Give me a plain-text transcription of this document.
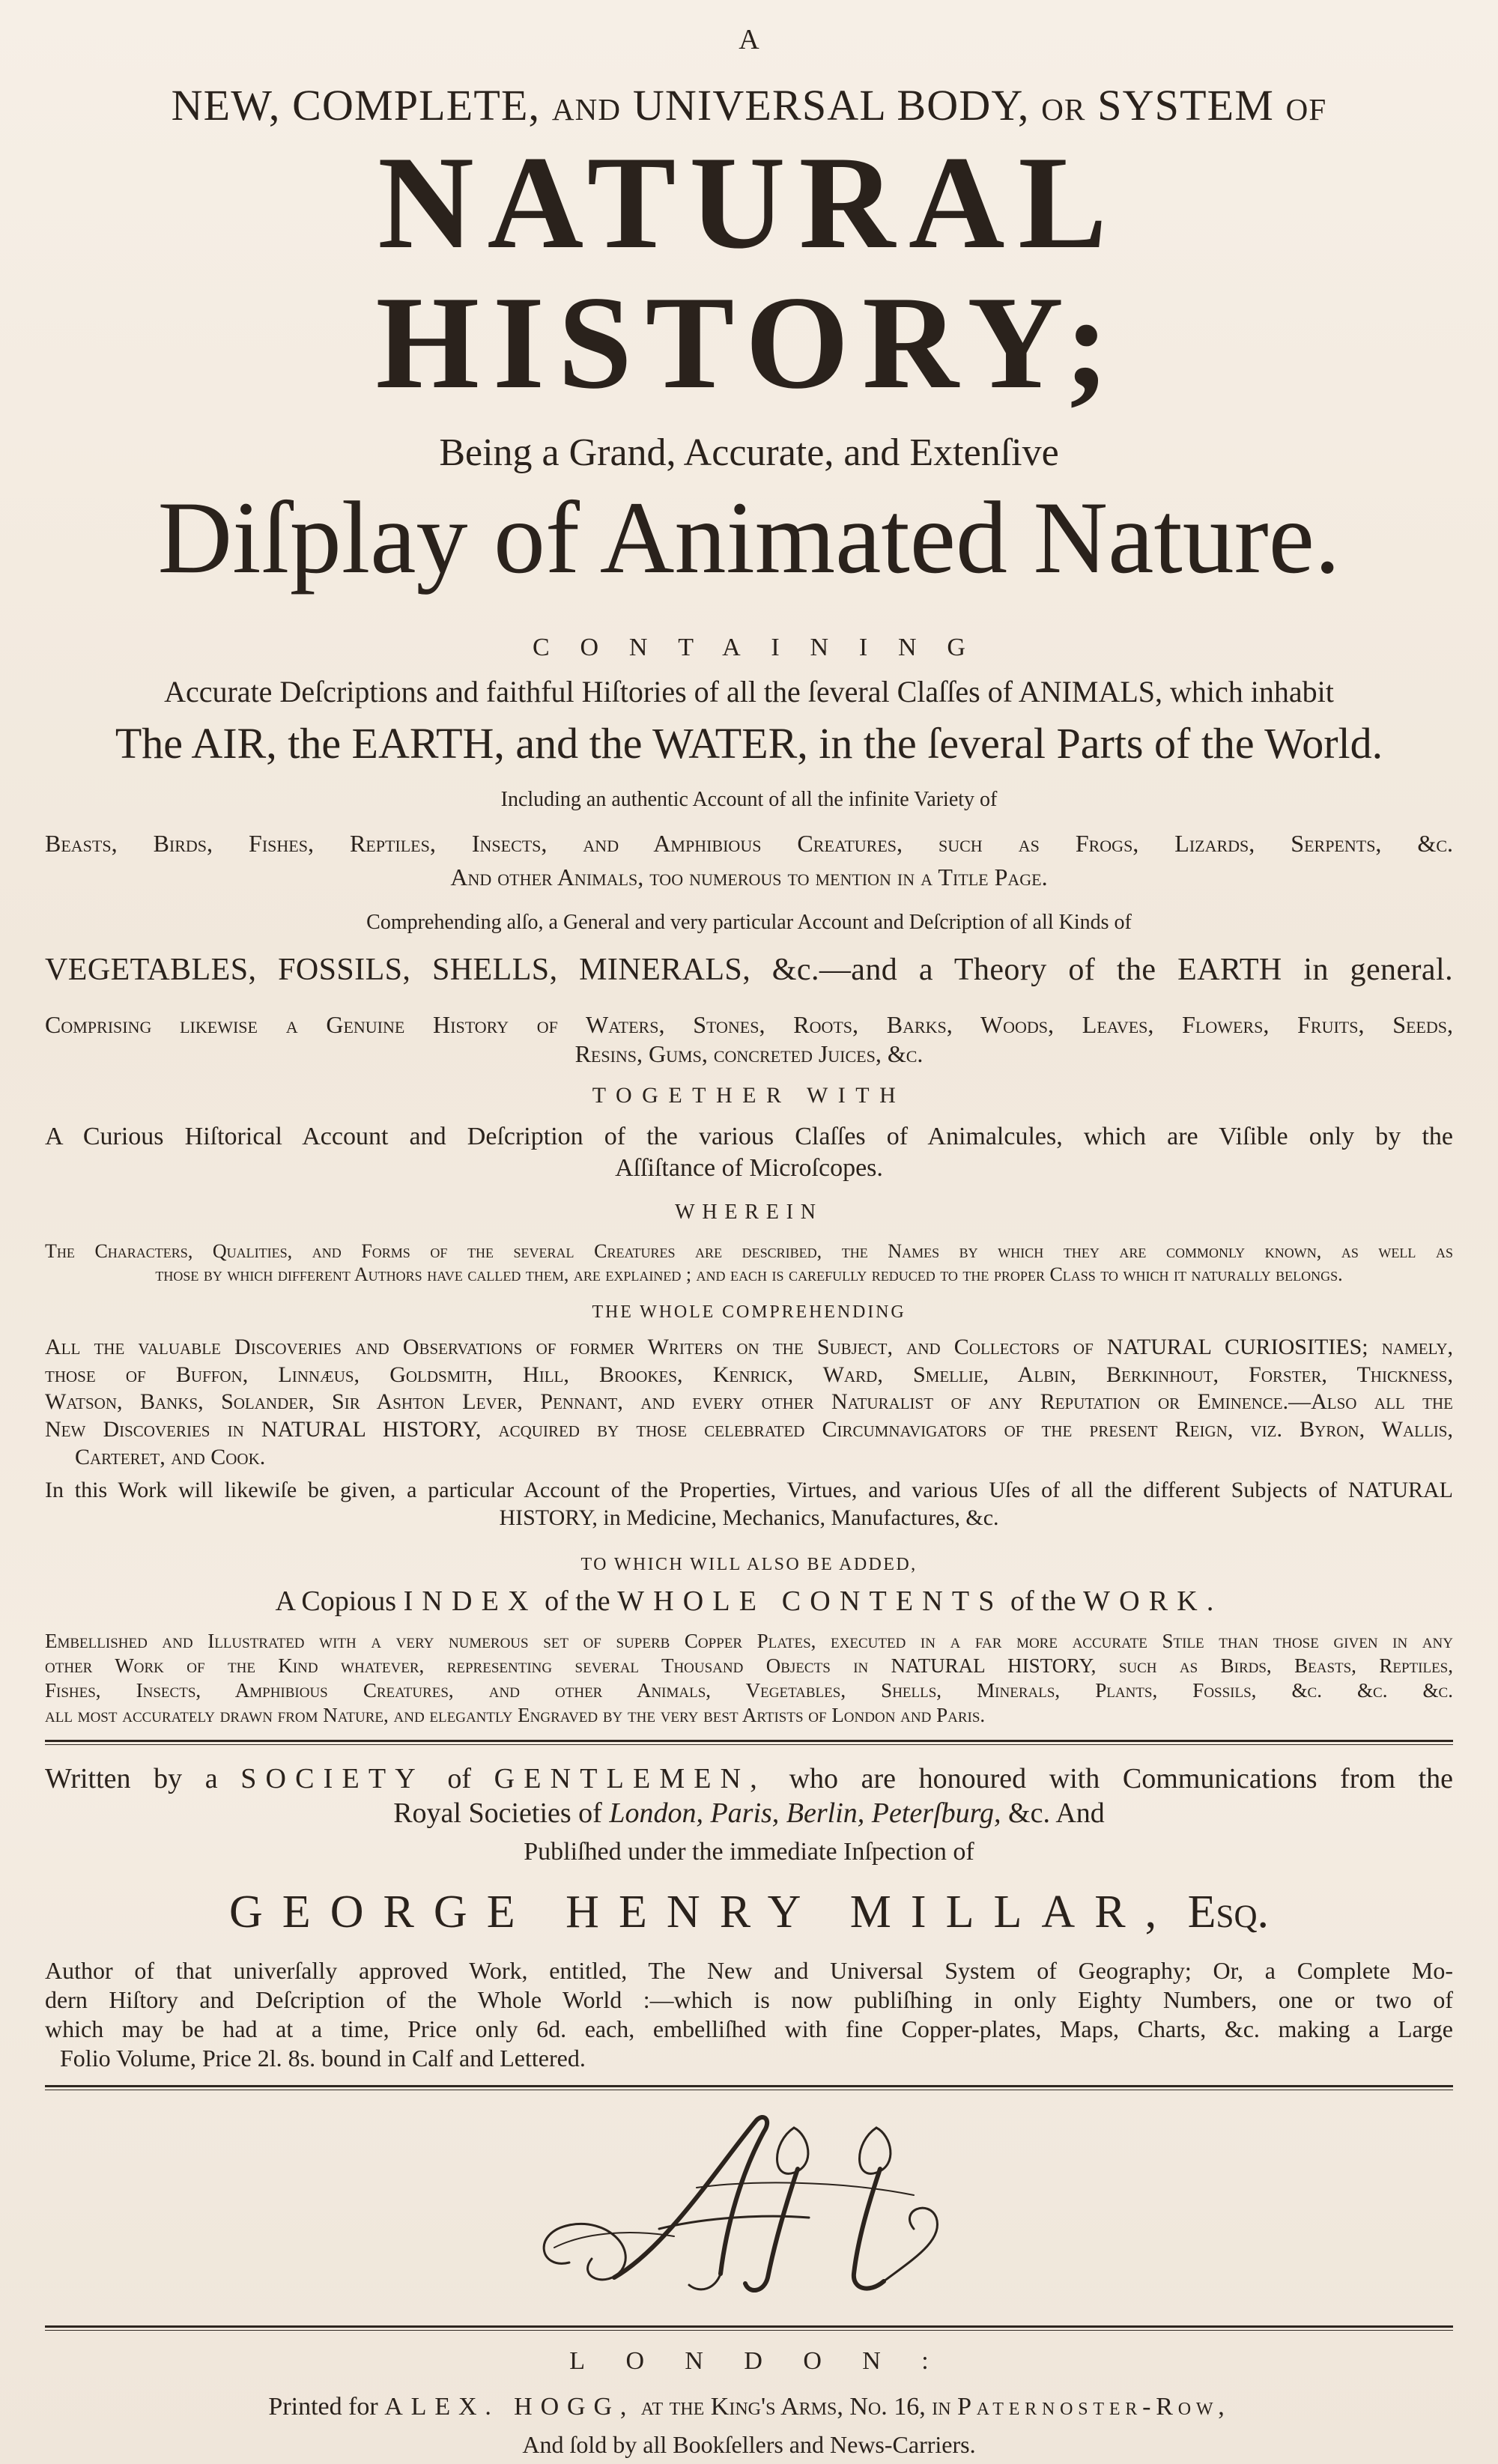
A

NEW, COMPLETE, and UNIVERSAL BODY, or SYSTEM of

NATURAL HISTORY;

Being a Grand, Accurate, and Extenſive

Diſplay of Animated Nature.

CONTAINING

Accurate Deſcriptions and faithful Hiſtories of all the ſeveral Claſſes of ANIMALS, which inhabit

The AIR, the EARTH, and the WATER, in the ſeveral Parts of the World.

Including an authentic Account of all the infinite Variety of

Beasts, Birds, Fishes, Reptiles, Insects, and Amphibious Creatures, ſuch as Frogs, Lizards, Serpents, &c.

And other Animals, too numerous to mention in a Title Page.

Comprehending alſo, a General and very particular Account and Deſcription of all Kinds of

VEGETABLES, FOSSILS, SHELLS, MINERALS, &c.—and a Theory of the EARTH in general.

Compriſing likewiſe a Genuine Hiſtory of Waters, Stones, Roots, Barks, Woods, Leaves, Flowers, Fruits, Seeds,
Resins, Gums, concreted Juices, &c.

TOGETHER WITH

A Curious Hiſtorical Account and Deſcription of the various Claſſes of Animalcules, which are Viſible only by the
Aſſiſtance of Microſcopes.

WHEREIN

The Characters, Qualities, and Forms of the ſeveral Creatures are deſcribed, the Names by which they are commonly known, as well as
thoſe by which different Authors have called them, are explained ; and each is carefully reduced to the proper Class to which it naturally belongs.

THE WHOLE COMPREHENDING

All the valuable Diſcoveries and Obſervations of former Writers on the Subject, and Collectors of NATURAL CURIOSITIES; namely,
thoſe of Buffon, Linnæus, Goldsmith, Hill, Brookes, Kenrick, Ward, Smellie, Albin, Berkinhout, Forster, Thickness,
Watson, Banks, Solander, Sir Ashton Lever, Pennant, and every other Naturaliſt of any Reputation or Eminence.—Alſo all the
New Diſcoveries in NATURAL HISTORY, acquired by thoſe celebrated Circumnavigators of the preſent Reign, viz. Byron, Wallis,
Carteret, and Cook.

In this Work will likewiſe be given, a particular Account of the Properties, Virtues, and various Uſes of all the different Subjects of NATURAL
HISTORY, in Medicine, Mechanics, Manufactures, &c.

TO WHICH WILL ALSO BE ADDED,

A Copious INDEX of the WHOLE CONTENTS of the WORK.

Embelliſhed and Illuſtrated with a very numerous ſet of ſuperb Copper Plates, executed in a far more accurate Stile than thoſe given in any
other Work of the Kind whatever, repreſenting ſeveral Thouſand Objects in NATURAL HISTORY, ſuch as Birds, Beasts, Reptiles,
Fishes, Insects, Amphibious Creatures, and other Animals, Vegetables, Shells, Minerals, Plants, Fossils, &c. &c. &c.
all moſt accurately drawn from Nature, and elegantly Engraved by the very beſt Artiſts of London and Paris.

Written by a SOCIETY of GENTLEMEN, who are honoured with Communications from the
Royal Societies of London, Paris, Berlin, Peterſburg, &c. And

Publiſhed under the immediate Inſpection of

GEORGE HENRY MILLAR, Esq.

Author of that univerſally approved Work, entitled, The New and Universal System of Geography; Or, a Complete Mo-
dern Hiſtory and Deſcription of the Whole World :—which is now publiſhing in only Eighty Numbers, one or two of
which may be had at a time, Price only 6d. each, embelliſhed with fine Copper-plates, Maps, Charts, &c. making a Large
Folio Volume, Price 2l. 8s. bound in Calf and Lettered.

LONDON:

Printed for ALEX. HOGG, at the King's Arms, No. 16, in Paternoster-Row,

And ſold by all Bookſellers and News-Carriers.
